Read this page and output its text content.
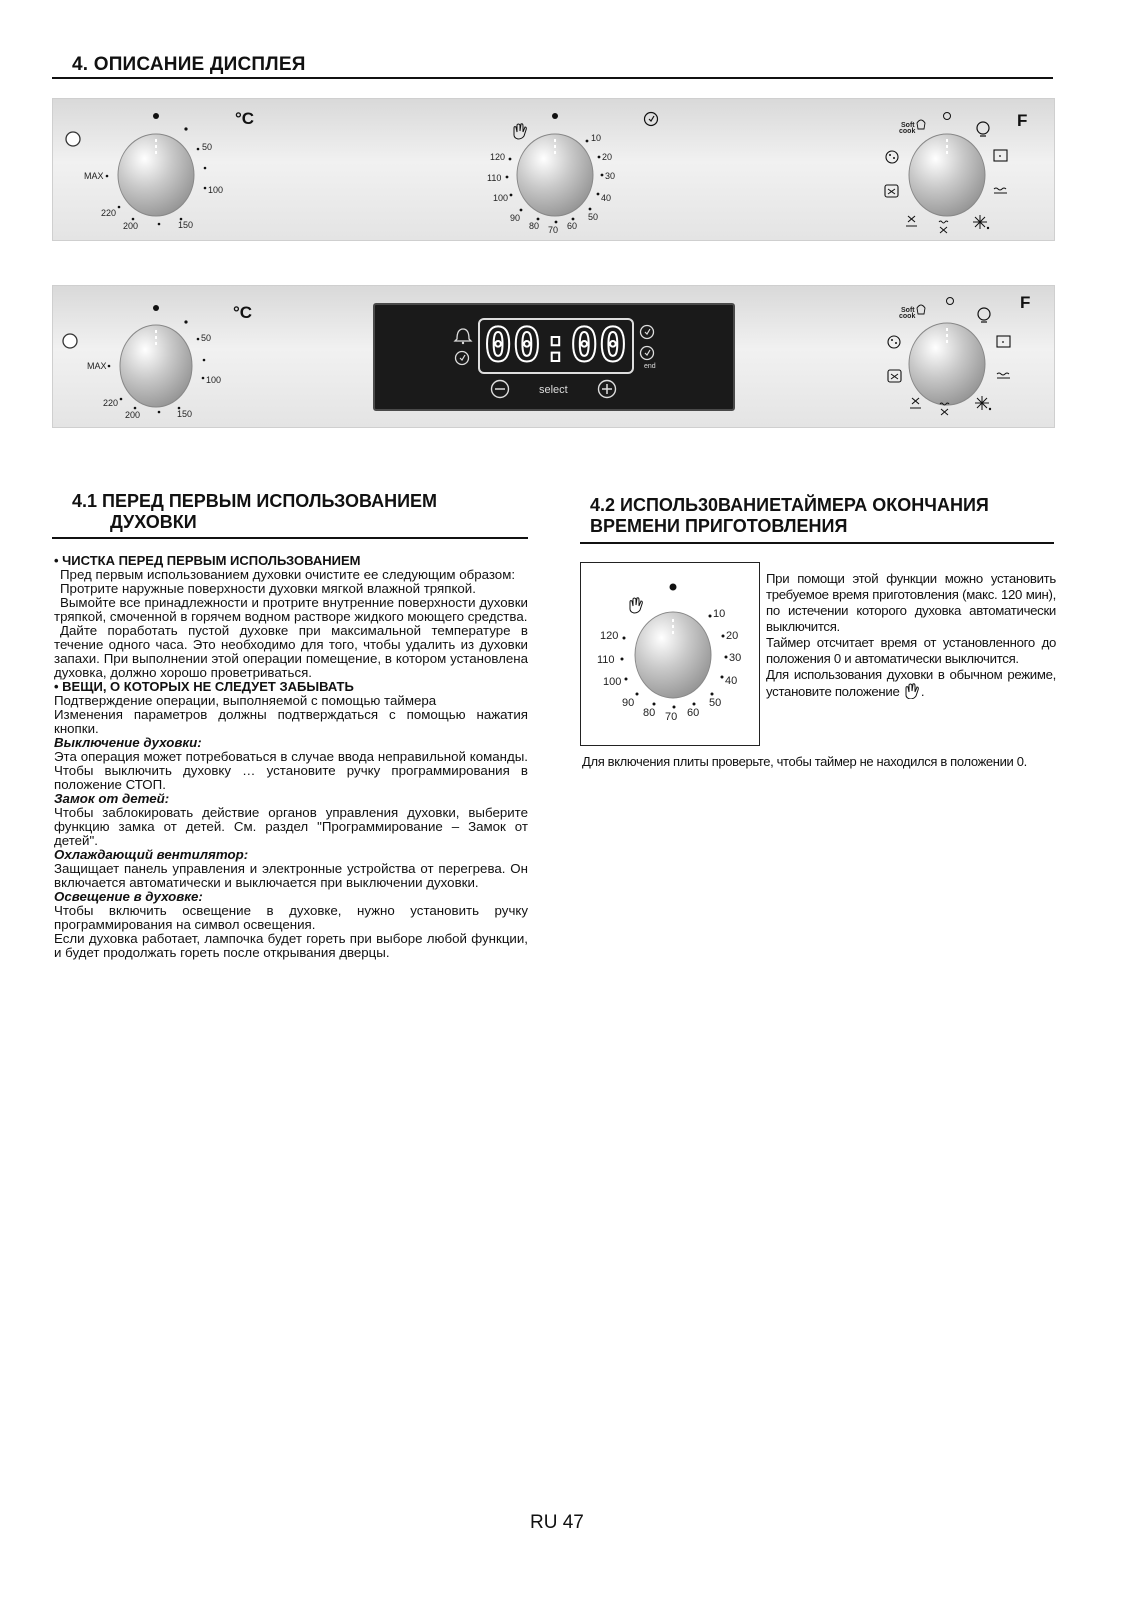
4. ОПИСАНИЕ ДИСПЛЕЯ
°C
50
MAX
100
220
200	150
10
20
30
40
50
60
70
80
90
100
110
120
F
Soft
cook
°C
50
MAX
100
220
200	150
F
Soft
cook
00:00	end
select
4.1 ПЕРЕД ПЕРВЫМ ИСПОЛЬЗОВАНИЕМ
ДУХОВКИ

• ЧИСТКА ПЕРЕД ПЕРВЫМ ИСПОЛЬЗОВАНИЕМ

Пред первым использованием духовки очистите ее следующим образом:

Протрите наружные поверхности духовки мягкой влажной тряпкой.

Вымойте все принадлежности и протрите внутренние поверхности духовки тряпкой, смоченной в горячем водном растворе жидкого моющего средства.

Дайте поработать пустой духовке при максимальной температуре в течение одного часа. Это необходимо для того, чтобы удалить из духовки запахи. При выполнении этой операции помещение, в котором установлена духовка, должно хорошо проветриваться.

• ВЕЩИ, О КОТОРЫХ НЕ СЛЕДУЕТ ЗАБЫВАТЬ

Подтверждение операции, выполняемой с помощью таймера

Изменения параметров должны подтверждаться с помощью нажатия кнопки.

Выключение духовки:

Эта операция может потребоваться в случае ввода неправильной команды. Чтобы выключить духовку … установите ручку программирования в положение СТОП.

Замок от детей:

Чтобы заблокировать действие органов управления духовки, выберите функцию замка от детей. См. раздел "Программирование – Замок от детей".

Охлаждающий вентилятор:

Защищает панель управления и электронные устройства от перегрева. Он включается автоматически и выключается при выключении духовки.

Освещение в духовке:

Чтобы включить освещение в духовке, нужно установить ручку программирования на символ освещения.

Если духовка работает, лампочка будет гореть при выборе любой функции, и будет продолжать гореть после открывания дверцы.

4.2 ИСПОЛЬ30ВАНИЕТАЙМЕРА ОКОНЧАНИЯ
ВРЕМЕНИ ПРИГОТОВЛЕНИЯ
10
20
30
40
50
60
70
80
90
100
110
120

При помощи этой функции можно установить требуемое время приготовления (макс. 120 мин), по истечении которого духовка автоматически выключится.

Таймер отсчитает время от установленного до положения 0 и автоматически выключится.

Для использования духовки в обычном режиме, установите положение .

Для включения плиты проверьте, чтобы таймер не находился в положении 0.
RU 47
